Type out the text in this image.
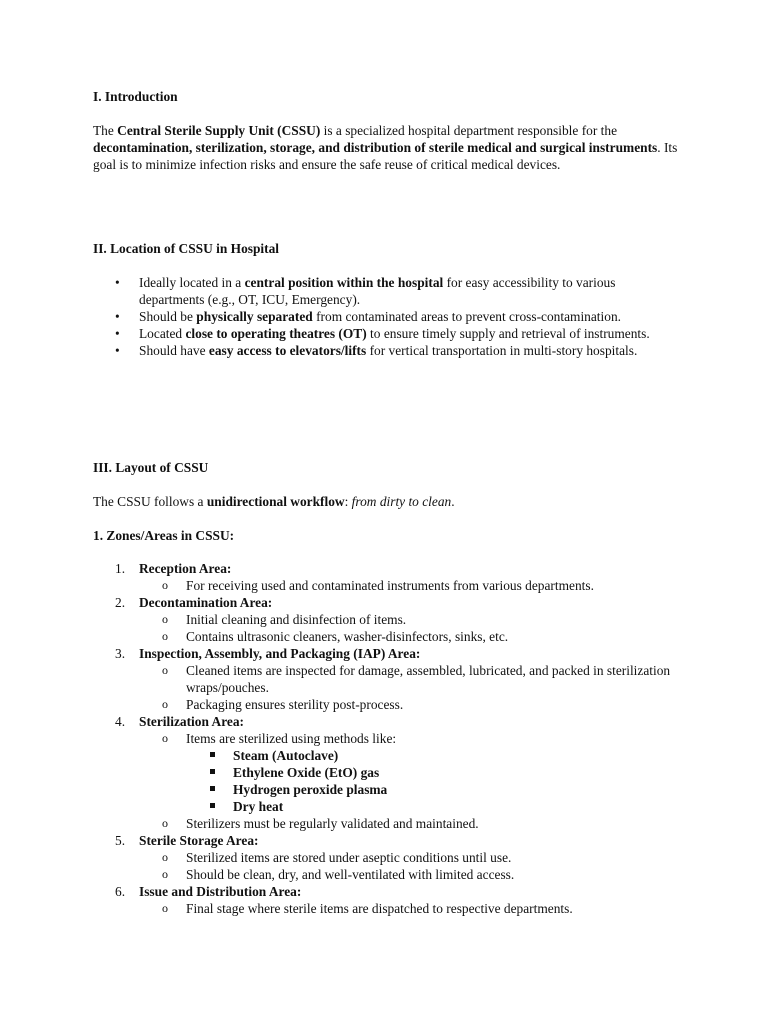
I. Introduction

The Central Sterile Supply Unit (CSSU) is a specialized hospital department responsible for the decontamination, sterilization, storage, and distribution of sterile medical and surgical instruments. Its goal is to minimize infection risks and ensure the safe reuse of critical medical devices.

II. Location of CSSU in Hospital

• Ideally located in a central position within the hospital for easy accessibility to various departments (e.g., OT, ICU, Emergency).
• Should be physically separated from contaminated areas to prevent cross-contamination.
• Located close to operating theatres (OT) to ensure timely supply and retrieval of instruments.
• Should have easy access to elevators/lifts for vertical transportation in multi-story hospitals.

III. Layout of CSSU

The CSSU follows a unidirectional workflow: from dirty to clean.

1. Zones/Areas in CSSU:

1. Reception Area:
o For receiving used and contaminated instruments from various departments.
2. Decontamination Area:
o Initial cleaning and disinfection of items.
o Contains ultrasonic cleaners, washer-disinfectors, sinks, etc.
3. Inspection, Assembly, and Packaging (IAP) Area:
o Cleaned items are inspected for damage, assembled, lubricated, and packed in sterilization wraps/pouches.
o Packaging ensures sterility post-process.
4. Sterilization Area:
o Items are sterilized using methods like:
Steam (Autoclave)
Ethylene Oxide (EtO) gas
Hydrogen peroxide plasma
Dry heat
o Sterilizers must be regularly validated and maintained.
5. Sterile Storage Area:
o Sterilized items are stored under aseptic conditions until use.
o Should be clean, dry, and well-ventilated with limited access.
6. Issue and Distribution Area:
o Final stage where sterile items are dispatched to respective departments.
